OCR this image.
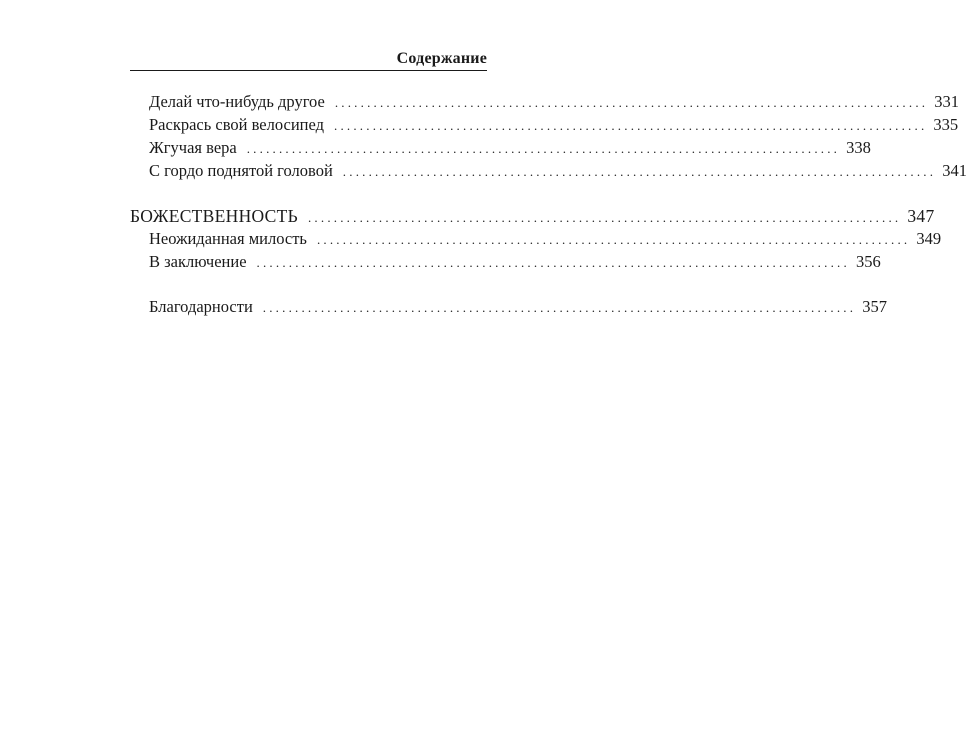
Содержание
Делай что-нибудь другое ............................................................................................ 331
Раскрась свой велосипед ............................................................................................ 335
Жгучая вера ............................................................................................ 338
С гордо поднятой головой ............................................................................................ 341
БОЖЕСТВЕННОСТЬ ............................................................................................ 347
Неожиданная милость ............................................................................................ 349
В заключение ............................................................................................ 356
Благодарности ............................................................................................ 357
